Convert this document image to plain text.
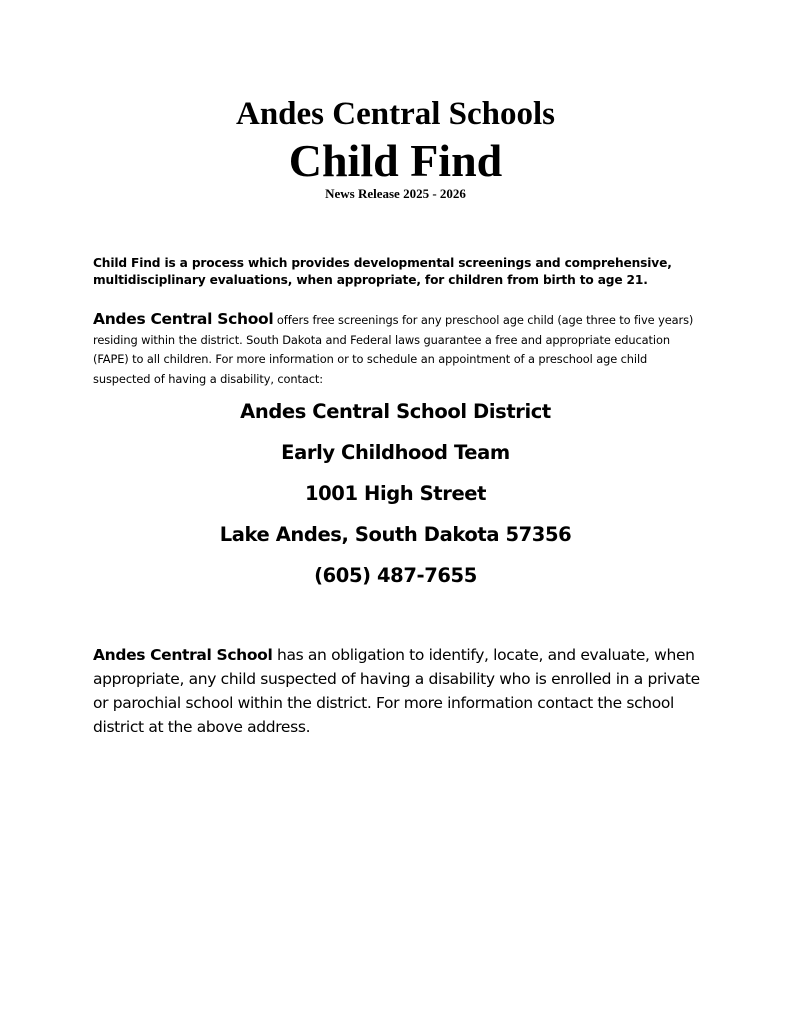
Andes Central Schools
Child Find
News Release 2025 - 2026

Child Find is a process which provides developmental screenings and comprehensive, multidisciplinary evaluations, when appropriate, for children from birth to age 21.

Andes Central School offers free screenings for any preschool age child (age three to five years) residing within the district. South Dakota and Federal laws guarantee a free and appropriate education (FAPE) to all children. For more information or to schedule an appointment of a preschool age child suspected of having a disability, contact:

Andes Central School District
Early Childhood Team
1001 High Street
Lake Andes, South Dakota 57356
(605) 487-7655

Andes Central School has an obligation to identify, locate, and evaluate, when appropriate, any child suspected of having a disability who is enrolled in a private or parochial school within the district. For more information contact the school district at the above address.
